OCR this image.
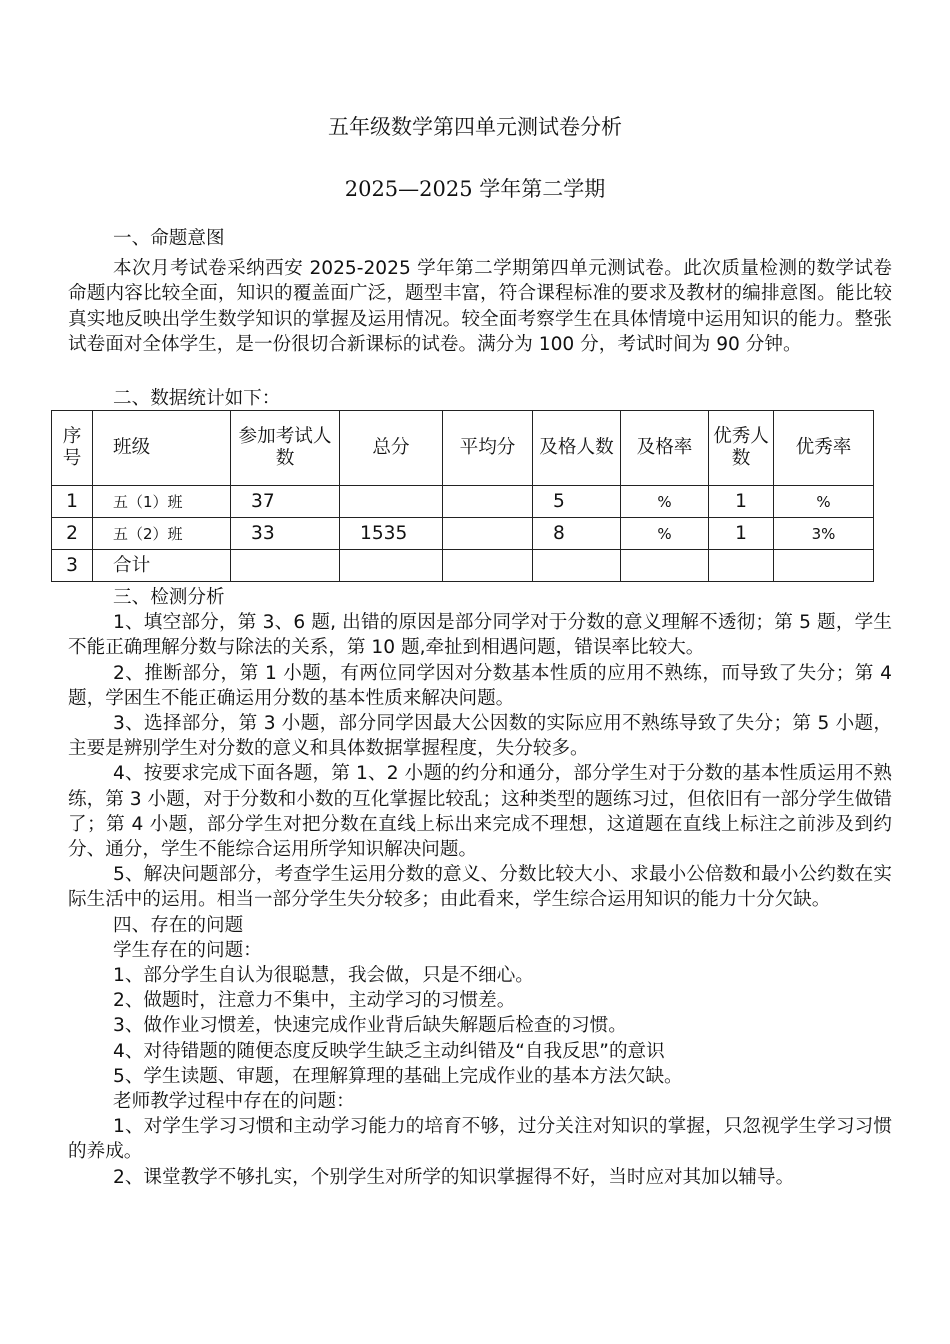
五年级数学第四单元测试卷分析
2025—2025 学年第二学期

一、命题意图

本次月考试卷采纳西安 2025-2025 学年第二学期第四单元测试卷。此次质量检测的数学试卷命题内容比较全面，知识的覆盖面广泛，题型丰富，符合课程标准的要求及教材的编排意图。能比较真实地反映出学生数学知识的掌握及运用情况。较全面考察学生在具体情境中运用知识的能力。整张试卷面对全体学生，是一份很切合新课标的试卷。满分为 100 分，考试时间为 90 分钟。

二、数据统计如下：

序号	班级	参加考试人数	总分	平均分	及格人数	及格率	优秀人数	优秀率
1	五（1）班	37			5	%	1	%
2	五（2）班	33	1535		8	%	1	3%
3	合计							

三、检测分析

1、填空部分，第 3、6 题, 出错的原因是部分同学对于分数的意义理解不透彻；第 5 题，学生不能正确理解分数与除法的关系，第 10 题,牵扯到相遇问题，错误率比较大。

2、推断部分，第 1 小题，有两位同学因对分数基本性质的应用不熟练，而导致了失分；第 4 题，学困生不能正确运用分数的基本性质来解决问题。

3、选择部分，第 3 小题，部分同学因最大公因数的实际应用不熟练导致了失分；第 5 小题，主要是辨别学生对分数的意义和具体数据掌握程度，失分较多。

4、按要求完成下面各题，第 1、2 小题的约分和通分，部分学生对于分数的基本性质运用不熟练，第 3 小题，对于分数和小数的互化掌握比较乱；这种类型的题练习过，但依旧有一部分学生做错了；第 4 小题，部分学生对把分数在直线上标出来完成不理想，这道题在直线上标注之前涉及到约分、通分，学生不能综合运用所学知识解决问题。

5、解决问题部分，考查学生运用分数的意义、分数比较大小、求最小公倍数和最小公约数在实际生活中的运用。相当一部分学生失分较多；由此看来，学生综合运用知识的能力十分欠缺。

四、存在的问题

学生存在的问题：

1、部分学生自认为很聪慧，我会做，只是不细心。

2、做题时，注意力不集中，主动学习的习惯差。

3、做作业习惯差，快速完成作业背后缺失解题后检查的习惯。

4、对待错题的随便态度反映学生缺乏主动纠错及“自我反思”的意识

5、学生读题、审题，在理解算理的基础上完成作业的基本方法欠缺。

老师教学过程中存在的问题：

1、对学生学习习惯和主动学习能力的培育不够，过分关注对知识的掌握，只忽视学生学习习惯的养成。

2、课堂教学不够扎实，个别学生对所学的知识掌握得不好，当时应对其加以辅导。
